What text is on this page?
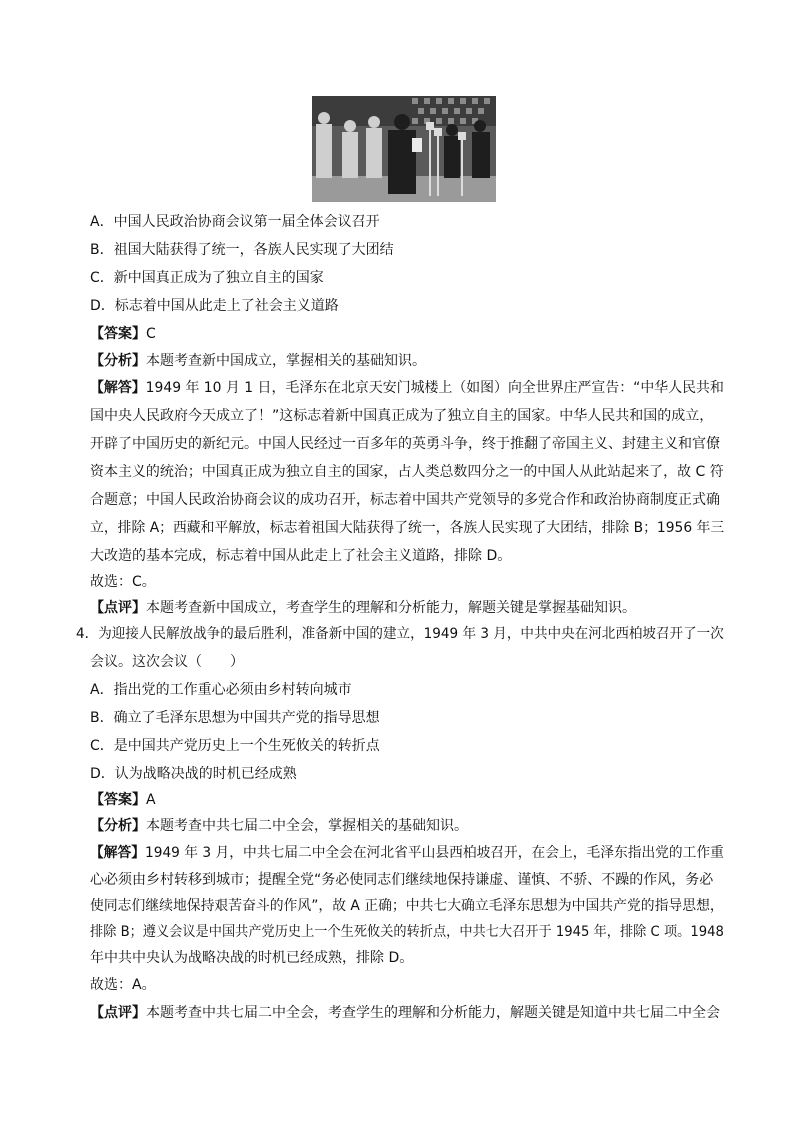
A．中国人民政治协商会议第一届全体会议召开
B．祖国大陆获得了统一，各族人民实现了大团结
C．新中国真正成为了独立自主的国家
D．标志着中国从此走上了社会主义道路
【答案】C
【分析】本题考查新中国成立，掌握相关的基础知识。
【解答】1949 年 10 月 1 日，毛泽东在北京天安门城楼上（如图）向全世界庄严宣告：“中华人民共和
国中央人民政府今天成立了！”这标志着新中国真正成为了独立自主的国家。中华人民共和国的成立，
开辟了中国历史的新纪元。中国人民经过一百多年的英勇斗争，终于推翻了帝国主义、封建主义和官僚
资本主义的统治；中国真正成为独立自主的国家，占人类总数四分之一的中国人从此站起来了，故 C 符
合题意；中国人民政治协商会议的成功召开，标志着中国共产党领导的多党合作和政治协商制度正式确
立，排除 A；西藏和平解放，标志着祖国大陆获得了统一，各族人民实现了大团结，排除 B；1956 年三
大改造的基本完成，标志着中国从此走上了社会主义道路，排除 D。
故选：C。
【点评】本题考查新中国成立，考查学生的理解和分析能力，解题关键是掌握基础知识。
4．为迎接人民解放战争的最后胜利，准备新中国的建立，1949 年 3 月，中共中央在河北西柏坡召开了一次
会议。这次会议（　　）
A．指出党的工作重心必须由乡村转向城市
B．确立了毛泽东思想为中国共产党的指导思想
C．是中国共产党历史上一个生死攸关的转折点
D．认为战略决战的时机已经成熟
【答案】A
【分析】本题考查中共七届二中全会，掌握相关的基础知识。
【解答】1949 年 3 月，中共七届二中全会在河北省平山县西柏坡召开，在会上，毛泽东指出党的工作重
心必须由乡村转移到城市；提醒全党“务必使同志们继续地保持谦虚、谨慎、不骄、不躁的作风，务必
使同志们继续地保持艰苦奋斗的作风”，故 A 正确；中共七大确立毛泽东思想为中国共产党的指导思想，
排除 B；遵义会议是中国共产党历史上一个生死攸关的转折点，中共七大召开于 1945 年，排除 C 项。1948
年中共中央认为战略决战的时机已经成熟，排除 D。
故选：A。
【点评】本题考查中共七届二中全会，考查学生的理解和分析能力，解题关键是知道中共七届二中全会
